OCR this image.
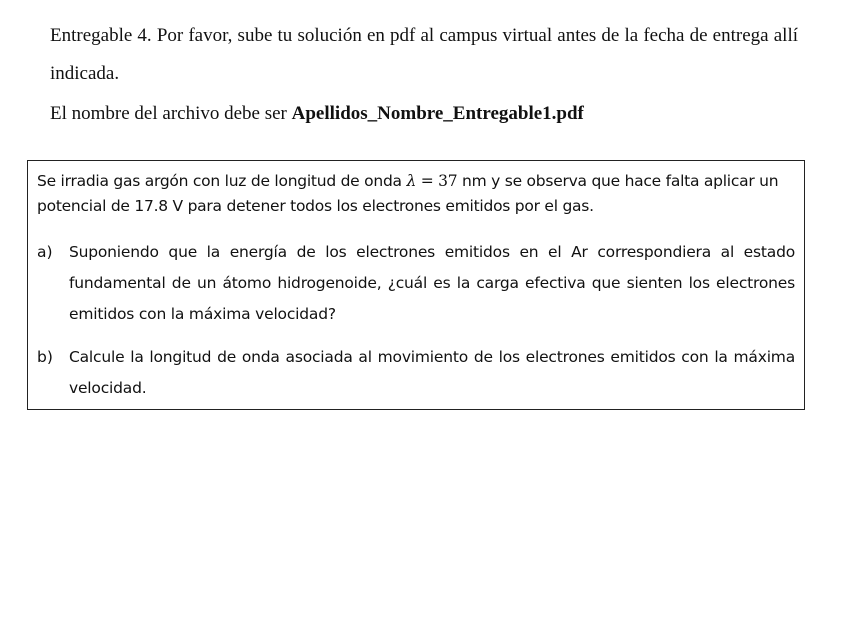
Entregable 4. Por favor, sube tu solución en pdf al campus virtual antes de la fecha de entrega allí indicada.

El nombre del archivo debe ser Apellidos_Nombre_Entregable1.pdf

Se irradia gas argón con luz de longitud de onda λ = 37 nm y se observa que hace falta aplicar un potencial de 17.8 V para detener todos los electrones emitidos por el gas.

a)	Suponiendo que la energía de los electrones emitidos en el Ar correspondiera al estado fundamental de un átomo hidrogenoide, ¿cuál es la carga efectiva que sienten los electrones emitidos con la máxima velocidad?
b)	Calcule la longitud de onda asociada al movimiento de los electrones emitidos con la máxima velocidad.
